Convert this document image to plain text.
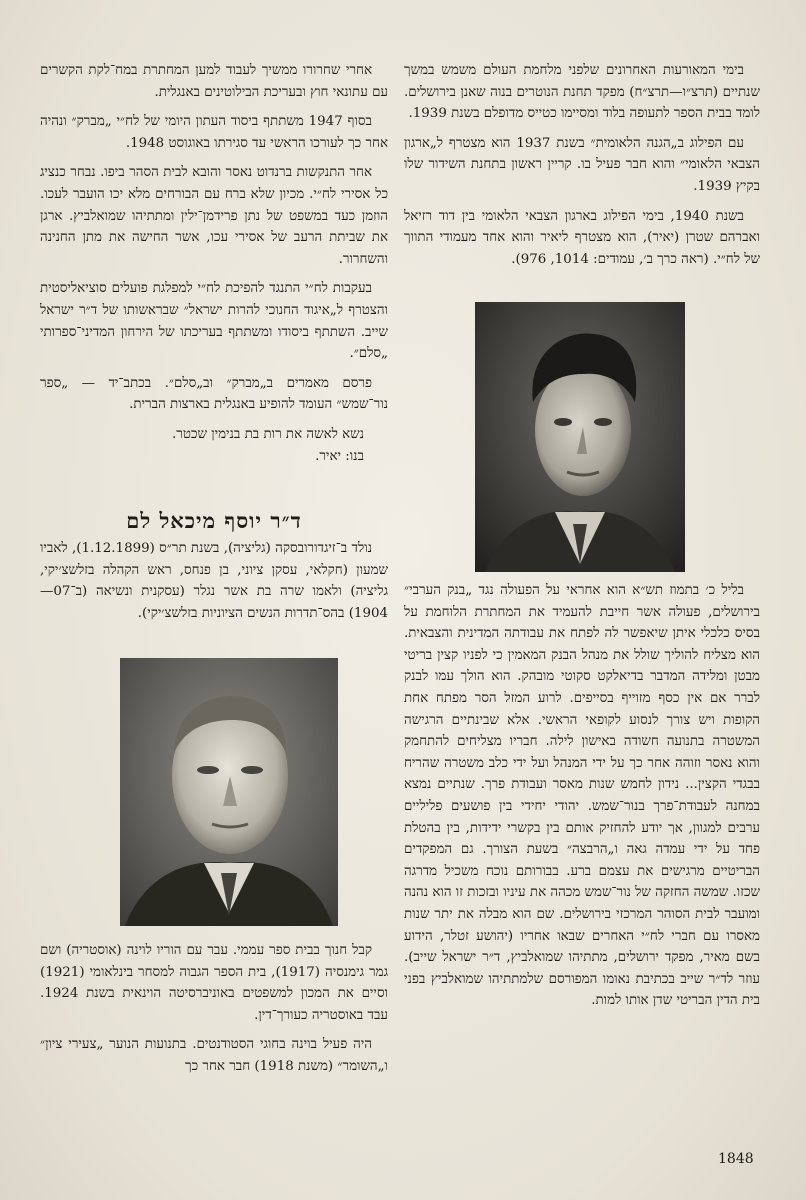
בימי המאורעות האחרונים שלפני מלחמת העולם משמש במשך שנתיים (תרצ״ו—תרצ״ח) מפקד תחנת הנוטרים בנוה שאנן בירושלים. לומד בבית הספר לתעופה בלוד ומסיימו כטייס מדופלם בשנת 1939.

עם הפילוג ב„הגנה הלאומית״ בשנת 1937 הוא מצטרף ל„ארגון הצבאי הלאומי״ והוא חבר פעיל בו. קריין ראשון בתחנת השידור שלו בקיץ 1939.

בשנת 1940, בימי הפילוג בארגון הצבאי הלאומי בין דוד רזיאל ואברהם שטרן (יאיר), הוא מצטרף ליאיר והוא אחד מעמודי התווך של לח״י. (ראה כרך ב׳, עמודים: 1014, 976).

בליל כ׳ בתמוז תש״א הוא אחראי על הפעולה נגד „בנק הערבי״ בירושלים, פעולה אשר חייבת להעמיד את המחתרת הלוחמת על בסיס כלכלי איתן שיאפשר לה לפתח את עבודתה המדינית והצבאית. הוא מצליח להוליך שולל את מנהל הבנק המאמין כי לפניו קצין בריטי מבטן ומלידה המדבר בדיאלקט סקוטי מובהק. הוא הולך עמו לבנק לברר אם אין כסף מזוייף בסייפים. לרוע המזל הסר מפתח אחת הקופות ויש צורך לנסוע לקופאי הראשי. אלא שבינתיים הרגישה המשטרה בתנועה חשודה באישון לילה. חבריו מצליחים להתחמק והוא נאסר וזוהה אחר כך על ידי המנהל ועל ידי כלב משטרה שהריח בבגדי הקצין... נידון לחמש שנות מאסר ועבודת פרך. שנתיים נמצא במחנה לעבודת־פרך בנור־שמש. יהודי יחידי בין פושעים פליליים ערבים למגוון, אך יודע להחזיק אותם בין בקשרי ידידות, בין בהטלת פחד על ידי עמדה גאה ו„הרבצה״ בשעת הצורך. גם המפקדים הבריטיים מרגישים את עצמם ברע. בבורותם נוכח משכיל מדרגה שכזו. שמשה החזקה של נור־שמש מכהה את עיניו ובזכות זו הוא נהנה ומועבר לבית הסוהר המרכזי בירושלים. שם הוא מבלה את יתר שנות מאסרו עם חברי לח״י האחרים שבאו אחריו (יהושע זטלר, הידוע בשם מאיר, מפקד ירושלים, מתתיהו שמואלביץ, ד״ר ישראל שייב). עוזר לד״ר שייב בכתיבת נאומו המפורסם שלמתתיהו שמואלביץ בפני בית הדין הבריטי שדן אותו למות.

אחרי שחרורו ממשיך לעבוד למען המחתרת במח־לקת הקשרים עם עתונאי חוץ ובעריכת הבילוטינים באנגלית.

בסוף 1947 משתתף ביסוד העתון היומי של לח״י „מברק״ ונהיה אחר כך לעורכו הראשי עד סגירתו באוגוסט 1948.

אחר התנקשות ברנדוט נאסר והובא לבית הסהר ביפו. נבחר כנציג כל אסירי לח״י. מכיון שלא ברח עם הבורחים מלא יכו הועבר לעכו. הוזמן כעד במשפט של נתן פרידמן־ילין ומתתיהו שמואלביץ. ארגן את שביתת הרעב של אסירי עכו, אשר החישה את מתן החנינה והשחרור.

בעקבות לח״י התנגד להפיכת לח״י למפלגת פועלים סוציאליסטית והצטרף ל„איגוד החנוכי להרות ישראל״ שבראשותו של ד״ר ישראל שייב. השתתף ביסודו ומשתתף בעריכתו של הירחון המדיני־ספרותי „סלם״.

פרסם מאמרים ב„מברק״ וב„סלם״. בכתב־יד — „ספר נור־שמש״ העומד להופיע באנגלית בארצות הברית.

נשא לאשה את רות בת בנימין שכטר.

בנו: יאיר.

ד״ר יוסף מיכאל לם

נולד ב־זיגדורובסקה (גליציה), בשנת תר״ס (1.12.1899), לאביו שמעון (חקלאי, עסקן ציוני, בן פנחס, ראש הקהלה בזלשצ׳יקי, גליציה) ולאמו שרה בת אשר נגלר (עסקנית ונשיאה (ב־07—1904) בהס־תדרות הנשים הציוניות בזלשצ׳יקי).

קבל חנוך בבית ספר עממי. עבר עם הוריו לוינה (אוסטריה) ושם גמר גימנסיה (1917), בית הספר הגבוה למסחר בינלאומי (1921) וסיים את המכון למשפטים באוניברסיטה הוינאית בשנת 1924. עבד באוסטריה כעורך־דין.

היה פעיל בוינה בחוגי הסטודנטים. בתנועות הנוער „צעירי ציון״ ו„השומר״ (משנת 1918) חבר אחר כך

1848
